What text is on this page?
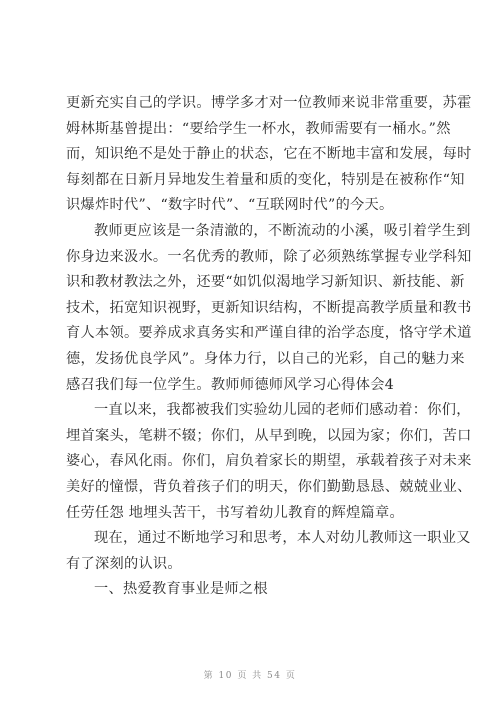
更新充实自己的学识。博学多才对一位教师来说非常重要，苏霍
姆林斯基曾提出：“要给学生一杯水，教师需要有一桶水。”然
而，知识绝不是处于静止的状态，它在不断地丰富和发展，每时
每刻都在日新月异地发生着量和质的变化，特别是在被称作“知
识爆炸时代”、“数字时代”、“互联网时代”的今天。
教师更应该是一条清澈的，不断流动的小溪，吸引着学生到
你身边来汲水。一名优秀的教师，除了必须熟练掌握专业学科知
识和教材教法之外，还要“如饥似渴地学习新知识、新技能、新
技术，拓宽知识视野，更新知识结构，不断提高教学质量和教书
育人本领。要养成求真务实和严谨自律的治学态度，恪守学术道
德，发扬优良学风”。身体力行，以自己的光彩，自己的魅力来
感召我们每一位学生。教师师德师风学习心得体会4
一直以来，我都被我们实验幼儿园的老师们感动着：你们，
埋首案头，笔耕不辍；你们，从早到晚，以园为家；你们，苦口
婆心，春风化雨。你们，肩负着家长的期望，承载着孩子对未来
美好的憧憬，背负着孩子们的明天，你们勤勤恳恳、兢兢业业、
任劳任怨 地埋头苦干，书写着幼儿教育的辉煌篇章。
现在，通过不断地学习和思考，本人对幼儿教师这一职业又
有了深刻的认识。
一、热爱教育事业是师之根
第 10 页 共 54 页
